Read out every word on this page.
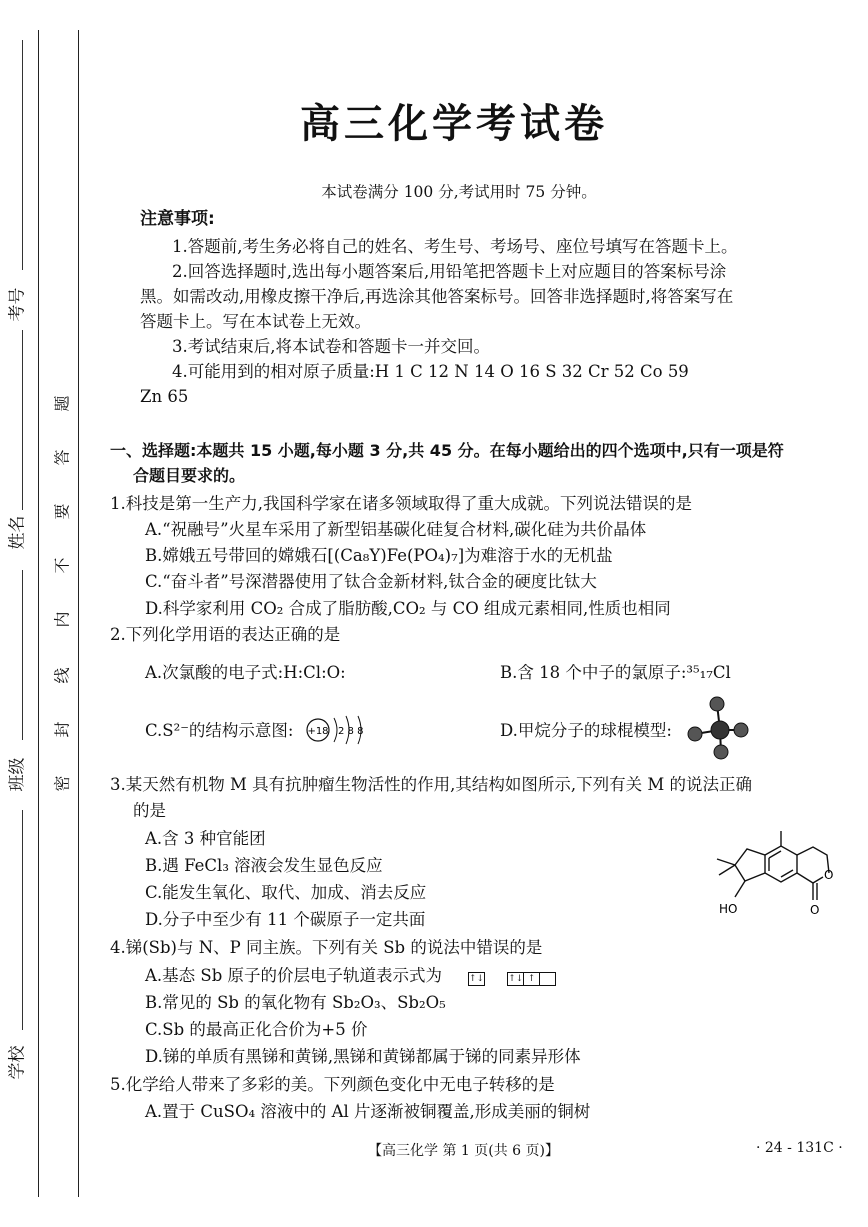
考号
姓名
班级
学校
题
答
要
不
内
线
封
密
高三化学考试卷
本试卷满分 100 分,考试用时 75 分钟。
注意事项:
1.答题前,考生务必将自己的姓名、考生号、考场号、座位号填写在答题卡上。
2.回答选择题时,选出每小题答案后,用铅笔把答题卡上对应题目的答案标号涂
黑。如需改动,用橡皮擦干净后,再选涂其他答案标号。回答非选择题时,将答案写在
答题卡上。写在本试卷上无效。
3.考试结束后,将本试卷和答题卡一并交回。
4.可能用到的相对原子质量:H 1 C 12 N 14 O 16 S 32 Cr 52 Co 59
Zn 65
一、选择题:本题共 15 小题,每小题 3 分,共 45 分。在每小题给出的四个选项中,只有一项是符
合题目要求的。
1.科技是第一生产力,我国科学家在诸多领域取得了重大成就。下列说法错误的是
A.“祝融号”火星车采用了新型铝基碳化硅复合材料,碳化硅为共价晶体
B.嫦娥五号带回的嫦娥石[(Ca₈Y)Fe(PO₄)₇]为难溶于水的无机盐
C.“奋斗者”号深潜器使用了钛合金新材料,钛合金的硬度比钛大
D.科学家利用 CO₂ 合成了脂肪酸,CO₂ 与 CO 组成元素相同,性质也相同
2.下列化学用语的表达正确的是
A.次氯酸的电子式:H:Cl:O:	B.含 18 个中子的氯原子:³⁵₁₇Cl
C.S²⁻的结构示意图: +18 2 8 8	D.甲烷分子的球棍模型:
3.某天然有机物 M 具有抗肿瘤生物活性的作用,其结构如图所示,下列有关 M 的说法正确
的是
A.含 3 种官能团
B.遇 FeCl₃ 溶液会发生显色反应
C.能发生氧化、取代、加成、消去反应
D.分子中至少有 11 个碳原子一定共面
HO
O
O
4.锑(Sb)与 N、P 同主族。下列有关 Sb 的说法中错误的是
A.基态 Sb 原子的价层电子轨道表示式为	↑↓	↑↓ ↑
B.常见的 Sb 的氧化物有 Sb₂O₃、Sb₂O₅
C.Sb 的最高正化合价为+5 价
D.锑的单质有黑锑和黄锑,黑锑和黄锑都属于锑的同素异形体
5.化学给人带来了多彩的美。下列颜色变化中无电子转移的是
A.置于 CuSO₄ 溶液中的 Al 片逐渐被铜覆盖,形成美丽的铜树
【高三化学 第 1 页(共 6 页)】	· 24 - 131C ·
